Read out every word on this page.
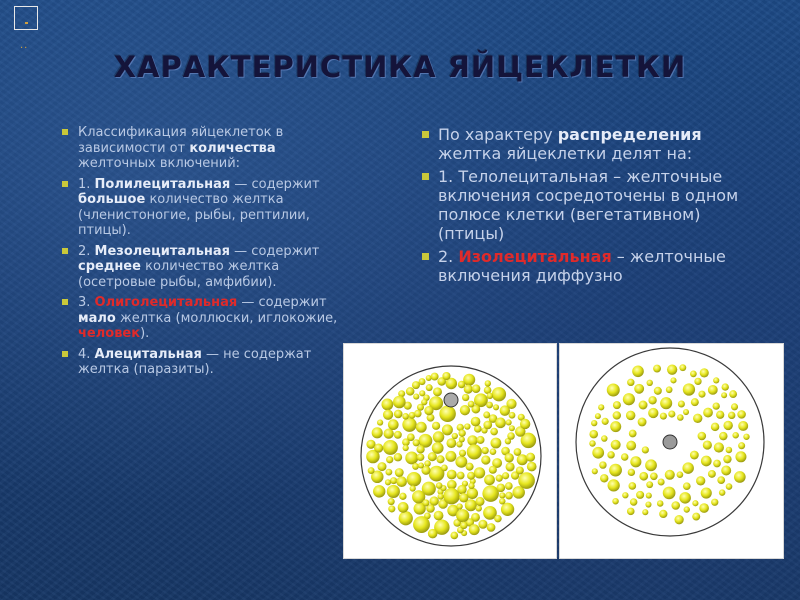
..
ХАРАКТЕРИСТИКА ЯЙЦЕКЛЕТКИ
Классификация яйцеклеток в зависимости от количества желточных включений:
1. Полилецитальная — содержит большое количество желтка (членистоногие, рыбы, рептилии, птицы).
2. Мезолецитальная — содержит среднее количество желтка (осетровые рыбы, амфибии).
3. Олиголецитальная — содержит мало желтка (моллюски, иглокожие, человек).
4. Алецитальная — не содержат желтка (паразиты).
По характеру распределения желтка яйцеклетки делят на:
1. Телолецитальная – желточные включения сосредоточены в одном полюсе клетки (вегетативном) (птицы)
2. Изолецитальная – желточные включения диффузно
